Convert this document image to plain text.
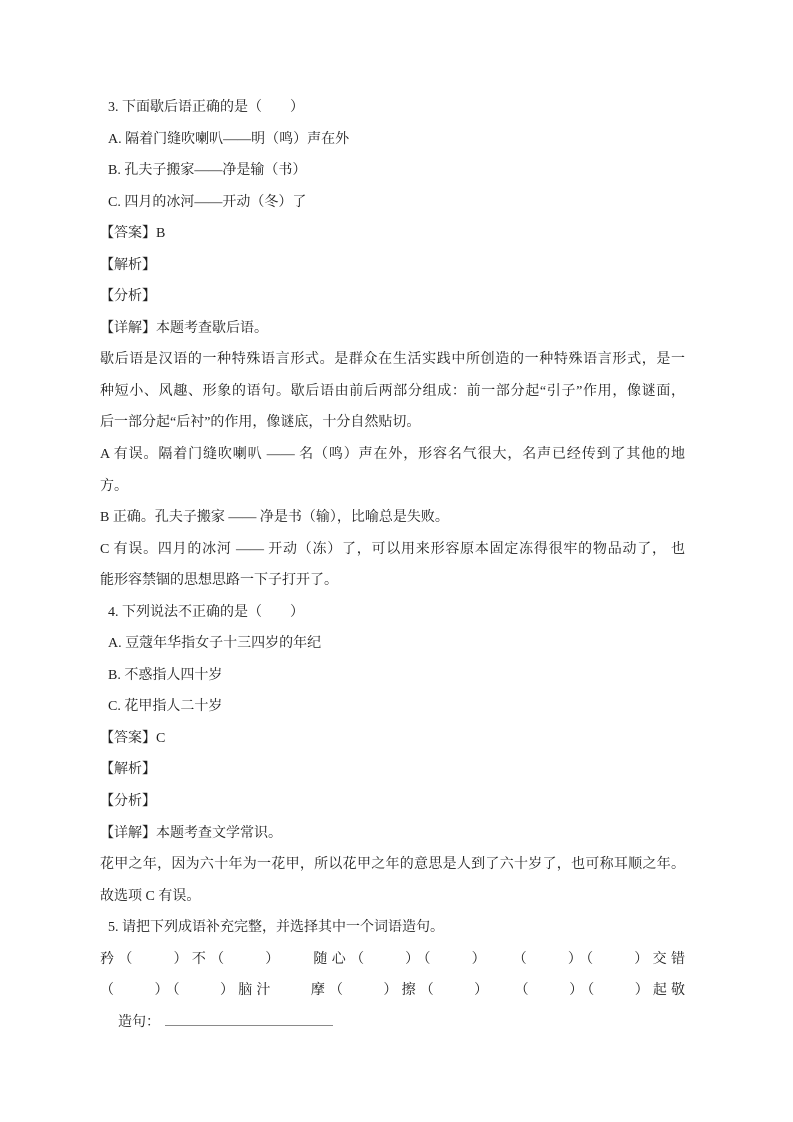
3. 下面歇后语正确的是（　　）
A. 隔着门缝吹喇叭——明（鸣）声在外
B. 孔夫子搬家——净是输（书）
C. 四月的冰河——开动（冬）了
【答案】B
【解析】
【分析】
【详解】本题考查歇后语。
歇后语是汉语的一种特殊语言形式。是群众在生活实践中所创造的一种特殊语言形式，是一
种短小、风趣、形象的语句。歇后语由前后两部分组成：前一部分起“引子”作用，像谜面，
后一部分起“后衬”的作用，像谜底，十分自然贴切。
A 有误。隔着门缝吹喇叭 —— 名（鸣）声在外，形容名气很大，名声已经传到了其他的地
方。
B 正确。孔夫子搬家 —— 净是书（输），比喻总是失败。
C 有误。四月的冰河 —— 开动（冻）了，可以用来形容原本固定冻得很牢的物品动了， 也
能形容禁锢的思想思路一下子打开了。
4. 下列说法不正确的是（　　）
A. 豆蔻年华指女子十三四岁的年纪
B. 不惑指人四十岁
C. 花甲指人二十岁
【答案】C
【解析】
【分析】
【详解】本题考查文学常识。
花甲之年，因为六十年为一花甲，所以花甲之年的意思是人到了六十岁了，也可称耳顺之年。
故选项 C 有误。
5. 请把下列成语补充完整，并选择其中一个词语造句。
矜（　　）不（　　）　　随心（　　）（　　）　　（　　）（　　）交错
（　　）（　　）脑汁　　摩（　　）擦（　　）　　（　　）（　　）起敬
造句：
